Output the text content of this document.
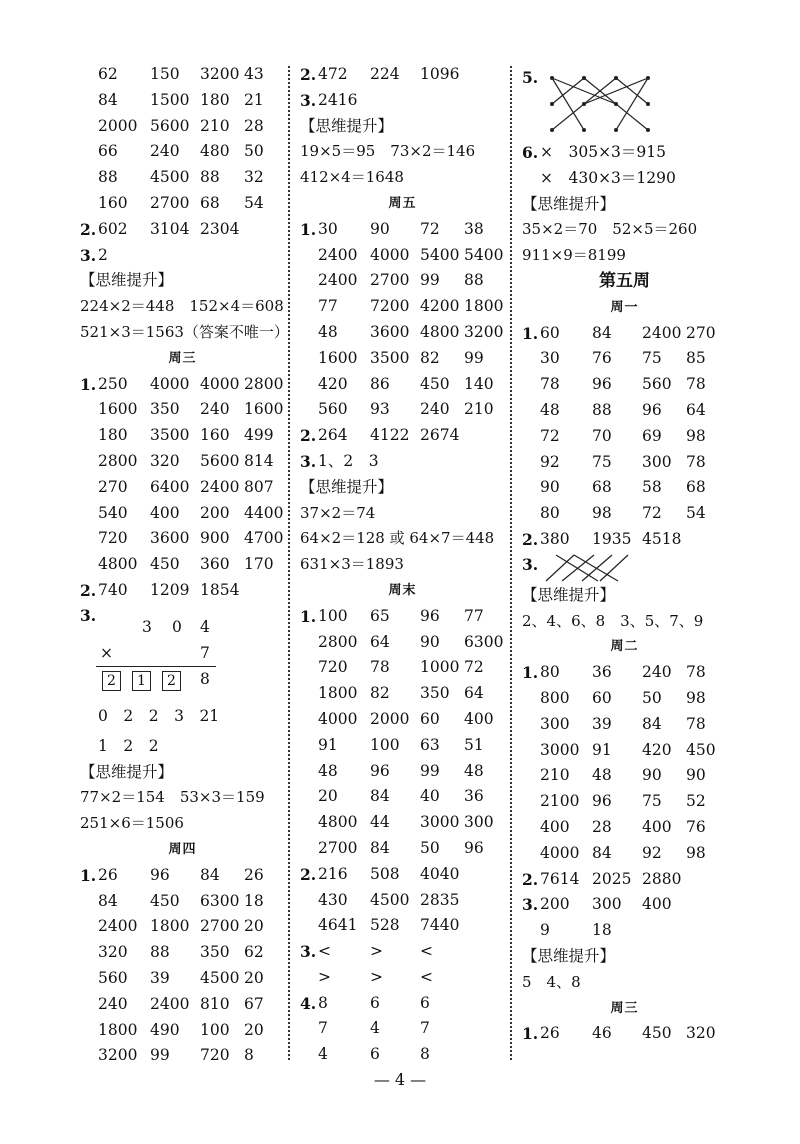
62 150 3200 43
84 1500 180 21
2000 5600 210 28
66 240 480 50
88 4500 88 32
160 2700 68 54
2. 602 3104 2304
3. 2
【思维提升】
224×2＝448　152×4＝608
521×3＝1563（答案不唯一）
周三
1. 250 4000 4000 2800
1600 350 240 1600
180 3500 160 499
2800 320 5600 814
270 6400 2400 807
540 400 200 4400
720 3600 900 4700
4800 450 360 170
2. 740 1209 1854
3.
3 0 4
×	7
2	1	2	8
0　2　2　3　21
1　2　2
【思维提升】
77×2＝154　53×3＝159
251×6＝1506
周四
1. 26 96 84 26
84 450 6300 18
2400 1800 2700 20
320 88 350 62
560 39 4500 20
240 2400 810 67
1800 490 100 20
3200 99 720 8
2. 472 224 1096
3. 2416
【思维提升】
19×5＝95　73×2＝146
412×4＝1648
周五
1. 30 90 72 38
2400 4000 5400 5400
2400 2700 99 88
77 7200 4200 1800
48 3600 4800 3200
1600 3500 82 99
420 86 450 140
560 93 240 210
2. 264 4122 2674
3. 1、2　3
【思维提升】
37×2＝74
64×2＝128 或 64×7＝448
631×3＝1893
周末
1. 100 65 96 77
2800 64 90 6300
720 78 1000 72
1800 82 350 64
4000 2000 60 400
91 100 63 51
48 96 99 48
20 84 40 36
4800 44 3000 300
2700 84 50 96
2. 216 508 4040
430 4500 2835
4641 528 7440
3. <	> <
>	> <
4. 8	6	6
7	4	7
4	6	8
5.
6. ×　305×3＝915
×　430×3＝1290
【思维提升】
35×2＝70　52×5＝260
911×9＝8199
第五周
周一
1. 60 84 2400 270
30 76 75 85
78 96 560 78
48 88 96 64
72 70 69 98
92 75 300 78
90 68 58 68
80 98 72 54
2. 380 1935 4518
3.
【思维提升】
2、4、6、8　3、5、7、9
周二
1. 80 36 240 78
800 60 50 98
300 39 84 78
3000 91 420 450
210 48 90 90
2100 96 75 52
400 28 400 76
4000 84 92 98
2. 7614 2025 2880
3. 200 300 400
9	18
【思维提升】
5　4、8
周三
1. 26 46 450 320
— 4 —
